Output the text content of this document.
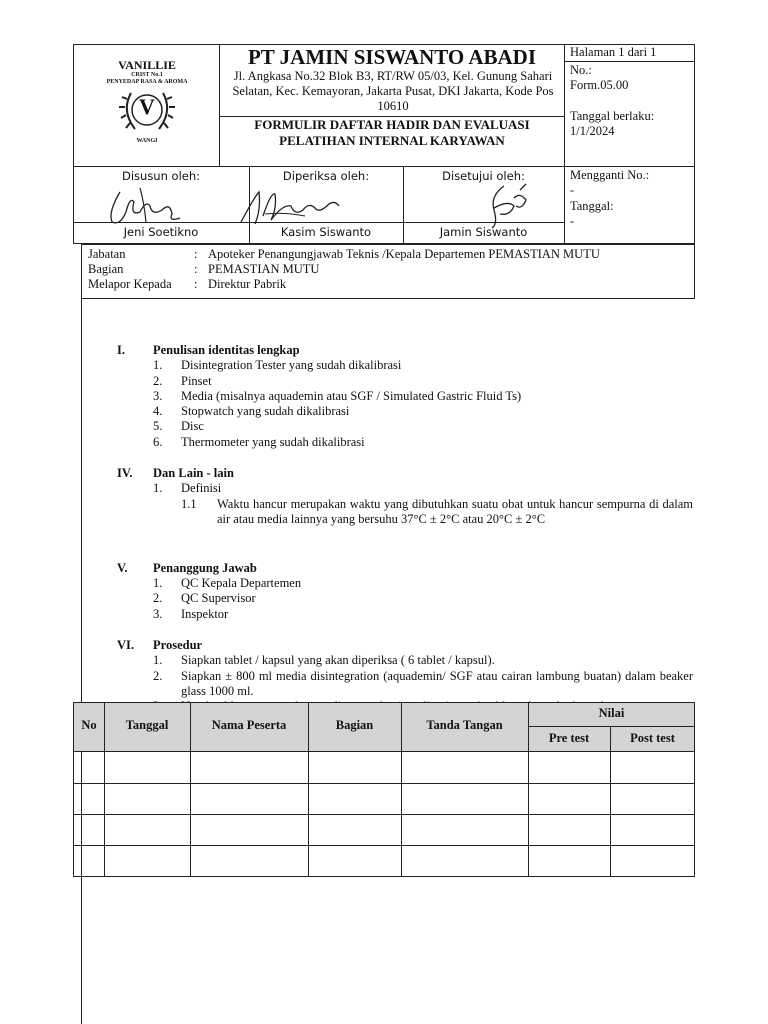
VANILLIE
CRIST No.1
PENYEDAP RASA & AROMA
V
WANGI
PT JAMIN SISWANTO ABADI
Jl. Angkasa No.32 Blok B3, RT/RW 05/03, Kel. Gunung Sahari Selatan, Kec. Kemayoran, Jakarta Pusat, DKI Jakarta, Kode Pos 10610
FORMULIR DAFTAR HADIR DAN EVALUASI PELATIHAN INTERNAL KARYAWAN
Halaman 1 dari 1
No.:
Form.05.00
Tanggal berlaku:
1/1/2024
Disusun oleh:	Diperiksa oleh:	Disetujui oleh:
Jeni Soetikno	Kasim Siswanto	Jamin Siswanto
Mengganti No.:
-
Tanggal:
-
Jabatan	: Apoteker Penangungjawab Teknis /Kepala Departemen PEMASTIAN MUTU
Bagian	: PEMASTIAN MUTU
Melapor Kepada : Direktur Pabrik
I. Penulisan identitas lengkap
1. Disintegration Tester yang sudah dikalibrasi
2. Pinset
3. Media (misalnya aquademin atau SGF / Simulated Gastric Fluid Ts)
4. Stopwatch yang sudah dikalibrasi
5. Disc
6. Thermometer yang sudah dikalibrasi
IV. Dan Lain - lain
1. Definisi
1.1 Waktu hancur merupakan waktu yang dibutuhkan suatu obat untuk hancur sempurna di dalam air atau media lainnya yang bersuhu 37°C ± 2°C atau 20°C ± 2°C
V. Penanggung Jawab
1. QC Kepala Departemen
2. QC Supervisor
3. Inspektor
VI. Prosedur
1. Siapkan tablet / kapsul yang akan diperiksa ( 6 tablet / kapsul).
2. Siapkan ± 800 ml media disintegration (aquademin/ SGF atau cairan lambung buatan) dalam beaker glass 1000 ml.
No	Tanggal	Nama Peserta	Bagian	Tanda Tangan
Nilai
Pre test	Post test
